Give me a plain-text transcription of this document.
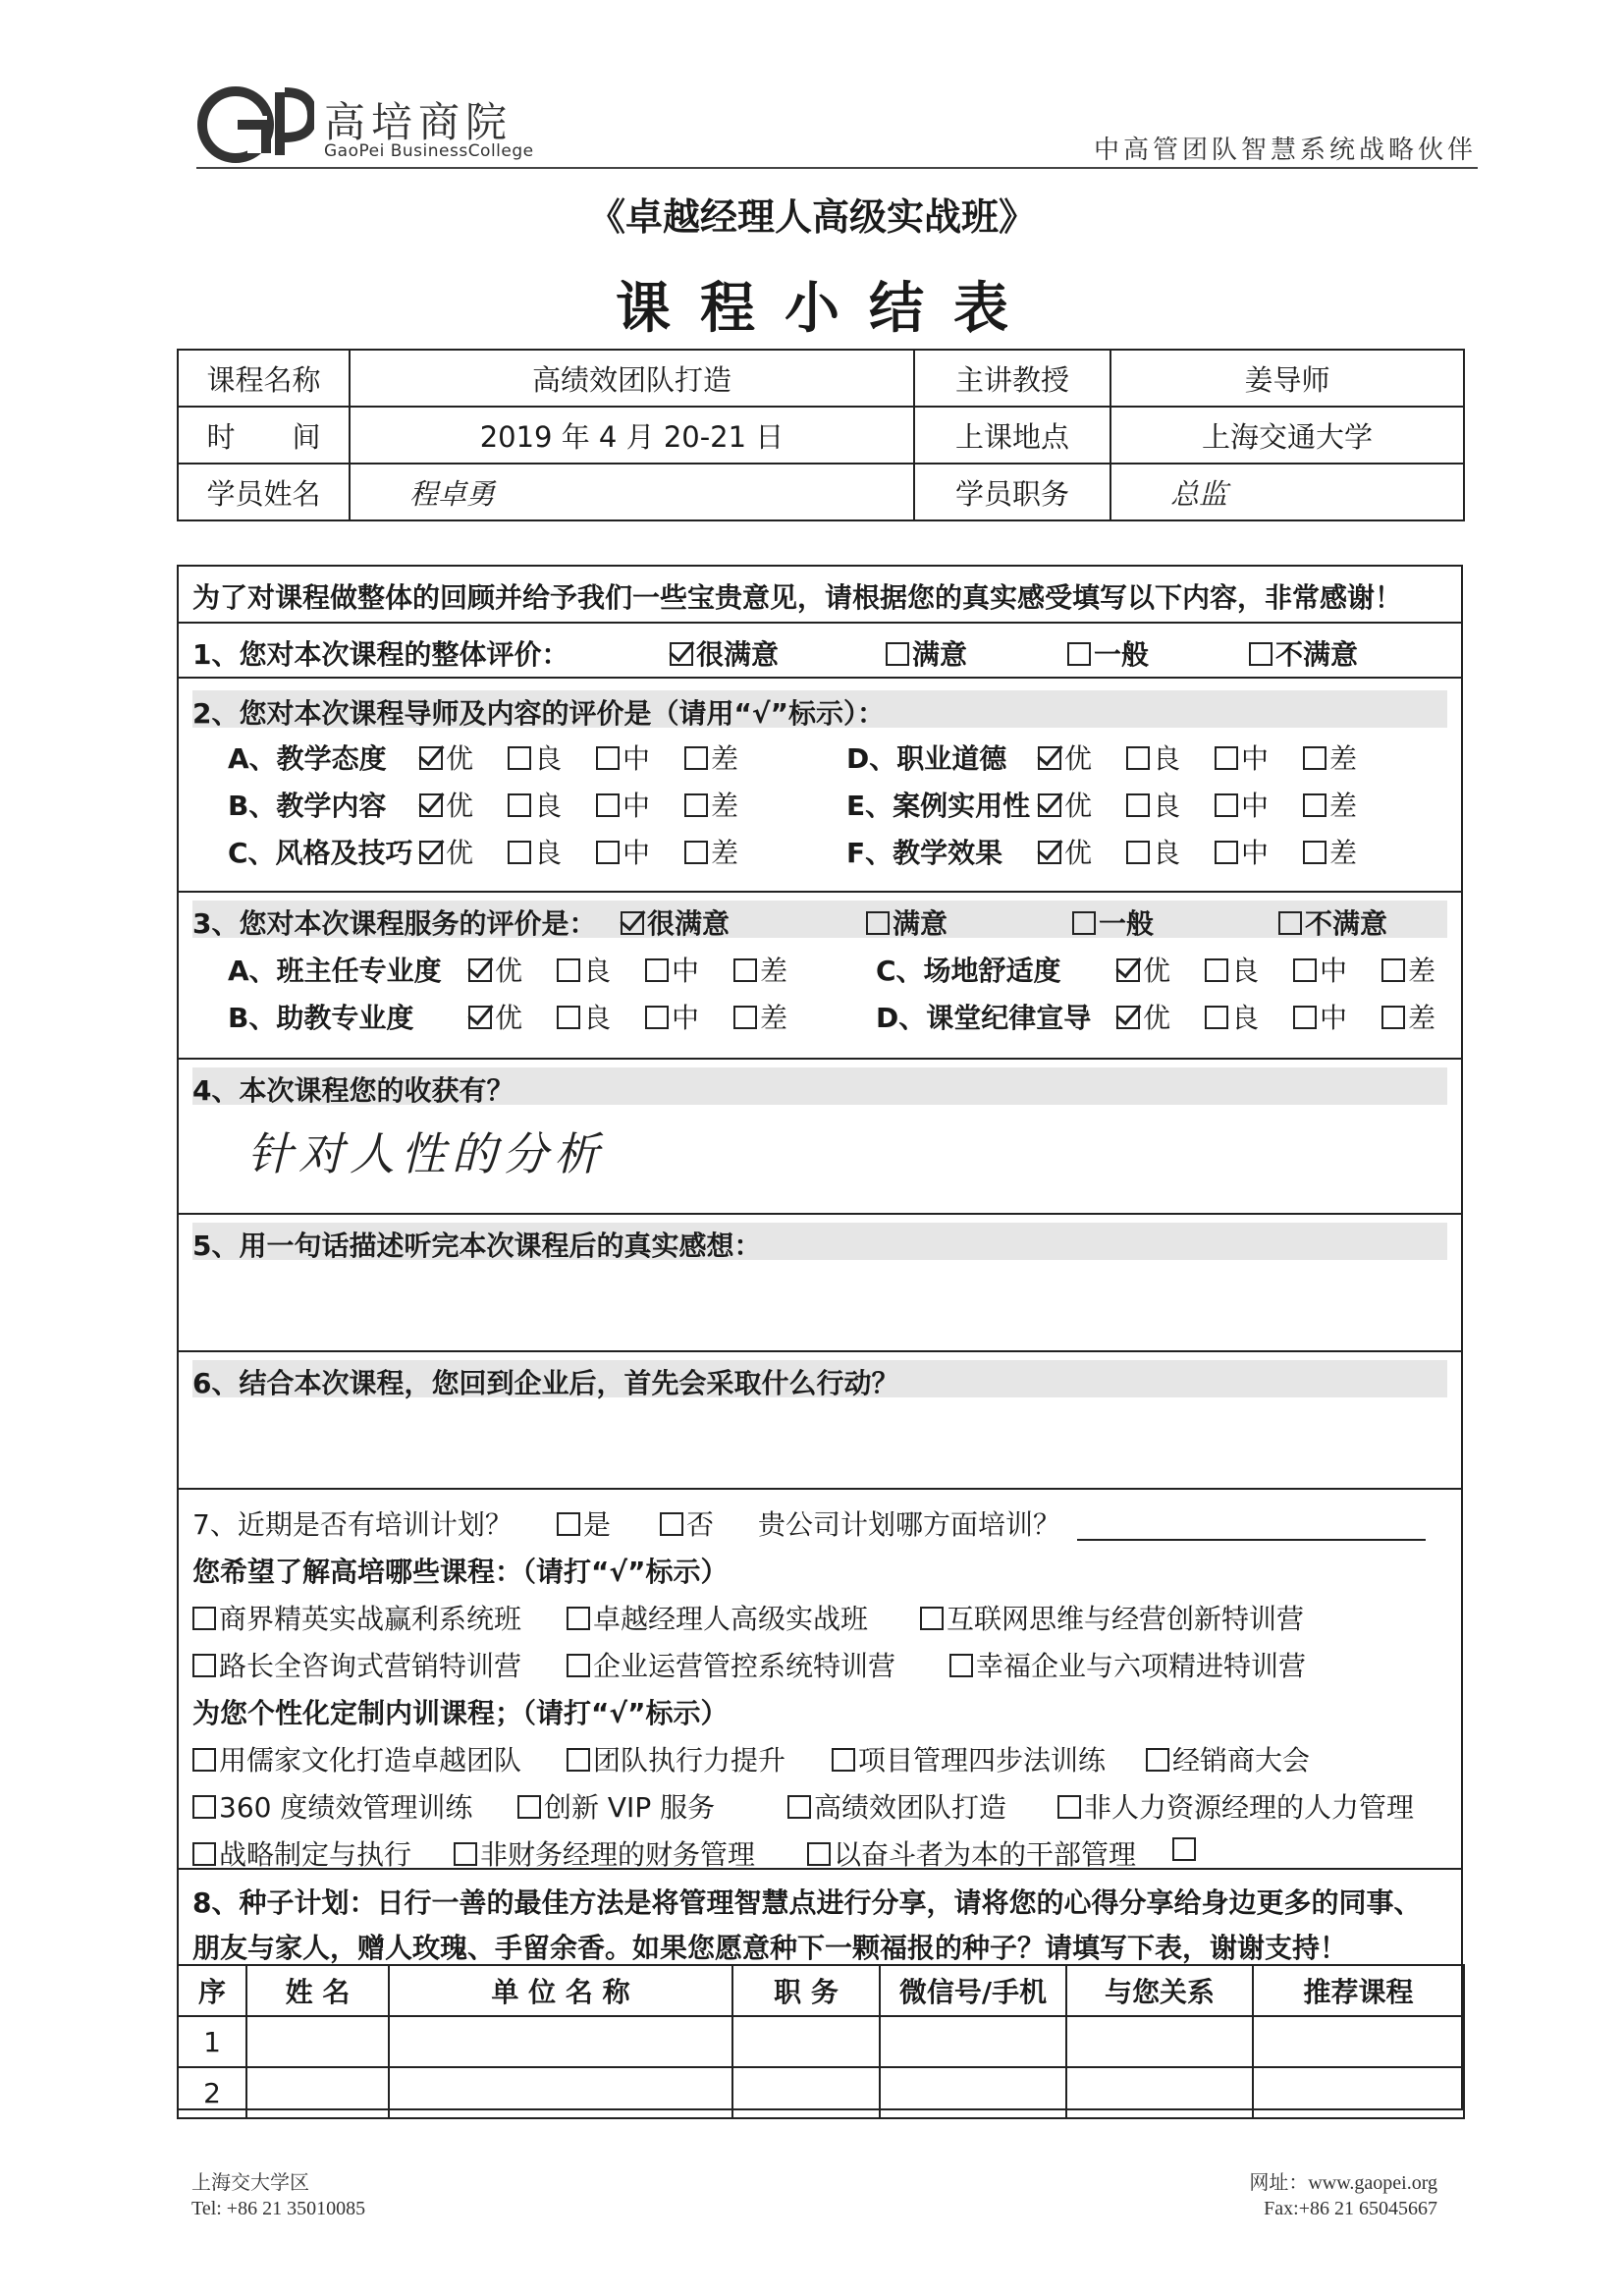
高培商院
GaoPei BusinessCollege	中高管团队智慧系统战略伙伴
《卓越经理人高级实战班》
课程小结表
课程名称	高绩效团队打造	主讲教授	姜导师
时　　间	2019 年 4 月 20-21 日	上课地点	上海交通大学
学员姓名	程卓勇	学员职务	总监
为了对课程做整体的回顾并给予我们一些宝贵意见，请根据您的真实感受填写以下内容，非常感谢！
1、您对本次课程的整体评价：	很满意	满意	一般	不满意
2、您对本次课程导师及内容的评价是（请用“√”标示）：
A、教学态度	优	良	中	差
B、教学内容	优	良	中	差
C、风格及技巧	优	良	中	差
D、职业道德	优	良	中	差
E、案例实用性	优	良	中	差
F、教学效果	优	良	中	差
3、您对本次课程服务的评价是：	很满意	满意	一般	不满意
A、班主任专业度	优	良	中	差
B、助教专业度	优	良	中	差
C、场地舒适度	优	良	中	差
D、课堂纪律宣导	优	良	中	差
4、本次课程您的收获有？
针对人性的分析
5、用一句话描述听完本次课程后的真实感想：
6、结合本次课程，您回到企业后，首先会采取什么行动？
7、近期是否有培训计划？	是	否 贵公司计划哪方面培训？
您希望了解高培哪些课程：（请打“√”标示）
商界精英实战赢利系统班	卓越经理人高级实战班	互联网思维与经营创新特训营
路长全咨询式营销特训营	企业运营管控系统特训营	幸福企业与六项精进特训营
为您个性化定制内训课程；（请打“√”标示）
用儒家文化打造卓越团队	团队执行力提升	项目管理四步法训练	经销商大会
360 度绩效管理训练	创新 VIP 服务	高绩效团队打造	非人力资源经理的人力管理
战略制定与执行	非财务经理的财务管理	以奋斗者为本的干部管理
8、种子计划：日行一善的最佳方法是将管理智慧点进行分享，请将您的心得分享给身边更多的同事、
朋友与家人，赠人玫瑰、手留余香。如果您愿意种下一颗福报的种子？请填写下表，谢谢支持！
序	姓 名	单 位 名 称	职 务	微信号/手机	与您关系	推荐课程
1						
2						
上海交大学区
Tel: +86 21 35010085
网址：www.gaopei.org
Fax:+86 21 65045667
